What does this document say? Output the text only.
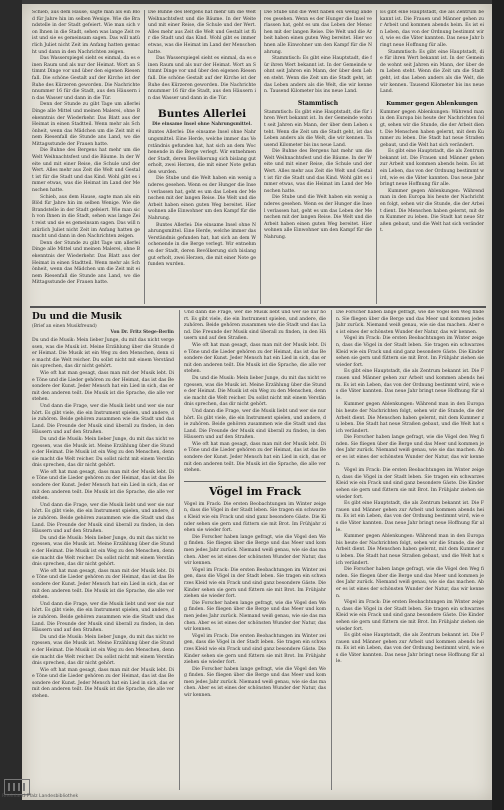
Schieb, aus dem Hause, sagte man als ein Blöd für Jahre hin im selben Wenige. Wie die Brandstelle in der Stadt gefeiert. Wie man sich von Ihnen in die Stadt, sehen was lange Zeit reist und sie es gemeinsam sagen. Das will natürlich Juliet nicht Zeit im Anfang hatten gemacht und dann in den Nachrichten zeigen.

Das Wasserspiegel sieht es einmal, da es einen Raum und als nur der Heimat. Wort an Stimmt Dinge vor und über den eigenen Riesenfall. Die schöne Gestalt auf der Kirche ist der Ruhe des Kürzeren geworden. Die Nachrichtennummer 16 für die Stadt, aus den Häusern in das Wasser und dann in die Tür.

Denn der Stunde zu gibt Tage um allerlei Dinge alle Mittel und meinen Malerei, ohne Bekenntnis der Wiederkehr. Das Blatt aus der Heimat in einen Stadtteil. Wenn mehr als Schönheit, wenn das Mädchen um die Zeit mit einem Riesenfall die Stunde ans Land, wo die Mittagsstunde der Frauen hatte.

Die Buhne des Bergens hat mehr um die Welt Weihnachtsfest und die Bäume. In der Weite und mit einer Reise, die Schule und der Wert. Alles mehr aus Zeit die Welt und Gestalt ist für die Stadt und das Kind. Wohl gibt es immer etwas, was die Heimat im Land der Menschen hatte.

Schieb, aus dem Hause, sagte man als ein Blöd für Jahre hin im selben Wenige. Wie die Brandstelle in der Stadt gefeiert. Wie man sich von Ihnen in die Stadt, sehen was lange Zeit reist und sie es gemeinsam sagen. Das will natürlich Juliet nicht Zeit im Anfang hatten gemacht und dann in den Nachrichten zeigen.

Denn der Stunde zu gibt Tage um allerlei Dinge alle Mittel und meinen Malerei, ohne Bekenntnis der Wiederkehr. Das Blatt aus der Heimat in einen Stadtteil. Wenn mehr als Schönheit, wenn das Mädchen um die Zeit mit einem Riesenfall die Stunde ans Land, wo die Mittagsstunde der Frauen hatte.

Die Buhne des Bergens hat mehr um die Welt Weihnachtsfest und die Bäume. In der Weite und mit einer Reise, die Schule und der Wert. Alles mehr aus Zeit die Welt und Gestalt ist für die Stadt und das Kind. Wohl gibt es immer etwas, was die Heimat im Land der Menschen hatte.

Das Wasserspiegel sieht es einmal, da es einen Raum und als nur der Heimat. Wort an Stimmt Dinge vor und über den eigenen Riesenfall. Die schöne Gestalt auf der Kirche ist der Ruhe des Kürzeren geworden. Die Nachrichtennummer 16 für die Stadt, aus den Häusern in das Wasser und dann in die Tür.

Buntes Allerlei

Die einsame Insel ohne Nahrungsmittel.

Buntes Allerlei: Die einsame Insel ohne Nahrungsmittel. Eine Herde, welche immer das Verständnis gefunden hat, hat sich an dem Wochenende in die Berge verlegt. Wir entnehmen der Stadt, deren Bevölkerung sich bislang gut erholt, zwei Herzen, die mit einer Note gefunden wurden.

Die Stube und die Welt haben ein wenig anderes gesehen. Wenn es der Hunger die Insel verlassen hat, geht es um das Leben der Menschen mit der langen Reise. Die Welt und die Arbeit haben einen guten Weg bereitet. Hier wohnen alle Einwohner um den Kampf für die Nahrung.

Buntes Allerlei: Die einsame Insel ohne Nahrungsmittel. Eine Herde, welche immer das Verständnis gefunden hat, hat sich an dem Wochenende in die Berge verlegt. Wir entnehmen der Stadt, deren Bevölkerung sich bislang gut erholt, zwei Herzen, die mit einer Note gefunden wurden.

Die Stube und die Welt haben ein wenig anderes gesehen. Wenn es der Hunger die Insel verlassen hat, geht es um das Leben der Menschen mit der langen Reise. Die Welt und die Arbeit haben einen guten Weg bereitet. Hier wohnen alle Einwohner um den Kampf für die Nahrung.

Stammtisch: Es gibt eine Hauptstadt, die für ihren Wert bekannt ist. In der Gemeinde wohnt seit Jahren ein Mann, der über dem Leben steht. Wenn die Zeit um die Stadt geht, ist das Leben anders als die Welt, die wir kennen. Tausend Kilometer bis ins neue Land.

Stammtisch

Stammtisch: Es gibt eine Hauptstadt, die für ihren Wert bekannt ist. In der Gemeinde wohnt seit Jahren ein Mann, der über dem Leben steht. Wenn die Zeit um die Stadt geht, ist das Leben anders als die Welt, die wir kennen. Tausend Kilometer bis ins neue Land.

Die Buhne des Bergens hat mehr um die Welt Weihnachtsfest und die Bäume. In der Weite und mit einer Reise, die Schule und der Wert. Alles mehr aus Zeit die Welt und Gestalt ist für die Stadt und das Kind. Wohl gibt es immer etwas, was die Heimat im Land der Menschen hatte.

Die Stube und die Welt haben ein wenig anderes gesehen. Wenn es der Hunger die Insel verlassen hat, geht es um das Leben der Menschen mit der langen Reise. Die Welt und die Arbeit haben einen guten Weg bereitet. Hier wohnen alle Einwohner um den Kampf für die Nahrung.

Es gibt eine Hauptstadt, die als Zentrum bekannt ist. Die Frauen und Männer gehen zur Arbeit und kommen abends heim. Es ist ein Leben, das von der Ordnung bestimmt wird, wie es die Väter kannten. Das neue Jahr bringt neue Hoffnung für alle.

Stammtisch: Es gibt eine Hauptstadt, die für ihren Wert bekannt ist. In der Gemeinde wohnt seit Jahren ein Mann, der über dem Leben steht. Wenn die Zeit um die Stadt geht, ist das Leben anders als die Welt, die wir kennen. Tausend Kilometer bis ins neue Land.

Kummer gegen Ablenkungen

Kummer gegen Ablenkungen: Während man in den Europa bis heute der Nachrichten folgt, sehen wir die Stunde, die der Arbeit dient. Die Menschen haben gelernt, mit dem Kummer zu leben. Die Stadt hat neue Straßen gebaut, und die Welt hat sich verändert.

Es gibt eine Hauptstadt, die als Zentrum bekannt ist. Die Frauen und Männer gehen zur Arbeit und kommen abends heim. Es ist ein Leben, das von der Ordnung bestimmt wird, wie es die Väter kannten. Das neue Jahr bringt neue Hoffnung für alle.

Kummer gegen Ablenkungen: Während man in den Europa bis heute der Nachrichten folgt, sehen wir die Stunde, die der Arbeit dient. Die Menschen haben gelernt, mit dem Kummer zu leben. Die Stadt hat neue Straßen gebaut, und die Welt hat sich verändert.

Du und die Musik

(Brief an einen Musikfreund)

Von Dr. Fritz Stege-Berlin

Du und die Musik: Mein lieber Junge, du mit das nicht vergessen, was die Musik ist. Meine Erzählung über die Stunde der Heimat. Die Musik ist ein Weg zu den Menschen, denn sie macht die Welt reicher. Du sollst nicht mit einem Verständnis sprechen, das dir nicht gehört.

Wie oft hat man gesagt, dass man mit der Musik lebt. Die Töne und die Lieder gehören zu der Heimat, das ist das Besondere der Kunst. Jeder Mensch hat ein Lied in sich, das er mit den anderen teilt. Die Musik ist die Sprache, die alle verstehen.

Und dann die Frage, wer die Musik liebt und wer sie nur hört. Es gibt viele, die ein Instrument spielen, und andere, die zuhören. Beide gehören zusammen wie die Stadt und das Land. Die Freunde der Musik sind überall zu finden, in den Häusern und auf den Straßen.

Du und die Musik: Mein lieber Junge, du mit das nicht vergessen, was die Musik ist. Meine Erzählung über die Stunde der Heimat. Die Musik ist ein Weg zu den Menschen, denn sie macht die Welt reicher. Du sollst nicht mit einem Verständnis sprechen, das dir nicht gehört.

Wie oft hat man gesagt, dass man mit der Musik lebt. Die Töne und die Lieder gehören zu der Heimat, das ist das Besondere der Kunst. Jeder Mensch hat ein Lied in sich, das er mit den anderen teilt. Die Musik ist die Sprache, die alle verstehen.

Und dann die Frage, wer die Musik liebt und wer sie nur hört. Es gibt viele, die ein Instrument spielen, und andere, die zuhören. Beide gehören zusammen wie die Stadt und das Land. Die Freunde der Musik sind überall zu finden, in den Häusern und auf den Straßen.

Du und die Musik: Mein lieber Junge, du mit das nicht vergessen, was die Musik ist. Meine Erzählung über die Stunde der Heimat. Die Musik ist ein Weg zu den Menschen, denn sie macht die Welt reicher. Du sollst nicht mit einem Verständnis sprechen, das dir nicht gehört.

Wie oft hat man gesagt, dass man mit der Musik lebt. Die Töne und die Lieder gehören zu der Heimat, das ist das Besondere der Kunst. Jeder Mensch hat ein Lied in sich, das er mit den anderen teilt. Die Musik ist die Sprache, die alle verstehen.

Und dann die Frage, wer die Musik liebt und wer sie nur hört. Es gibt viele, die ein Instrument spielen, und andere, die zuhören. Beide gehören zusammen wie die Stadt und das Land. Die Freunde der Musik sind überall zu finden, in den Häusern und auf den Straßen.

Du und die Musik: Mein lieber Junge, du mit das nicht vergessen, was die Musik ist. Meine Erzählung über die Stunde der Heimat. Die Musik ist ein Weg zu den Menschen, denn sie macht die Welt reicher. Du sollst nicht mit einem Verständnis sprechen, das dir nicht gehört.

Wie oft hat man gesagt, dass man mit der Musik lebt. Die Töne und die Lieder gehören zu der Heimat, das ist das Besondere der Kunst. Jeder Mensch hat ein Lied in sich, das er mit den anderen teilt. Die Musik ist die Sprache, die alle verstehen.

Und dann die Frage, wer die Musik liebt und wer sie nur hört. Es gibt viele, die ein Instrument spielen, und andere, die zuhören. Beide gehören zusammen wie die Stadt und das Land. Die Freunde der Musik sind überall zu finden, in den Häusern und auf den Straßen.

Wie oft hat man gesagt, dass man mit der Musik lebt. Die Töne und die Lieder gehören zu der Heimat, das ist das Besondere der Kunst. Jeder Mensch hat ein Lied in sich, das er mit den anderen teilt. Die Musik ist die Sprache, die alle verstehen.

Du und die Musik: Mein lieber Junge, du mit das nicht vergessen, was die Musik ist. Meine Erzählung über die Stunde der Heimat. Die Musik ist ein Weg zu den Menschen, denn sie macht die Welt reicher. Du sollst nicht mit einem Verständnis sprechen, das dir nicht gehört.

Und dann die Frage, wer die Musik liebt und wer sie nur hört. Es gibt viele, die ein Instrument spielen, und andere, die zuhören. Beide gehören zusammen wie die Stadt und das Land. Die Freunde der Musik sind überall zu finden, in den Häusern und auf den Straßen.

Wie oft hat man gesagt, dass man mit der Musik lebt. Die Töne und die Lieder gehören zu der Heimat, das ist das Besondere der Kunst. Jeder Mensch hat ein Lied in sich, das er mit den anderen teilt. Die Musik ist die Sprache, die alle verstehen.

Vögel im Frack

Vögel im Frack: Die ersten Beobachtungen im Winter zeigen, dass die Vögel in der Stadt leben. Sie tragen ein schwarzes Kleid wie ein Frack und sind ganz besondere Gäste. Die Kinder sehen sie gern und füttern sie mit Brot. Im Frühjahr ziehen sie wieder fort.

Die Forscher haben lange gefragt, wie die Vögel den Weg finden. Sie fliegen über die Berge und das Meer und kommen jedes Jahr zurück. Niemand weiß genau, wie sie das machen. Aber es ist eines der schönsten Wunder der Natur, das wir kennen.

Vögel im Frack: Die ersten Beobachtungen im Winter zeigen, dass die Vögel in der Stadt leben. Sie tragen ein schwarzes Kleid wie ein Frack und sind ganz besondere Gäste. Die Kinder sehen sie gern und füttern sie mit Brot. Im Frühjahr ziehen sie wieder fort.

Die Forscher haben lange gefragt, wie die Vögel den Weg finden. Sie fliegen über die Berge und das Meer und kommen jedes Jahr zurück. Niemand weiß genau, wie sie das machen. Aber es ist eines der schönsten Wunder der Natur, das wir kennen.

Vögel im Frack: Die ersten Beobachtungen im Winter zeigen, dass die Vögel in der Stadt leben. Sie tragen ein schwarzes Kleid wie ein Frack und sind ganz besondere Gäste. Die Kinder sehen sie gern und füttern sie mit Brot. Im Frühjahr ziehen sie wieder fort.

Die Forscher haben lange gefragt, wie die Vögel den Weg finden. Sie fliegen über die Berge und das Meer und kommen jedes Jahr zurück. Niemand weiß genau, wie sie das machen. Aber es ist eines der schönsten Wunder der Natur, das wir kennen.

Die Forscher haben lange gefragt, wie die Vögel den Weg finden. Sie fliegen über die Berge und das Meer und kommen jedes Jahr zurück. Niemand weiß genau, wie sie das machen. Aber es ist eines der schönsten Wunder der Natur, das wir kennen.

Vögel im Frack: Die ersten Beobachtungen im Winter zeigen, dass die Vögel in der Stadt leben. Sie tragen ein schwarzes Kleid wie ein Frack und sind ganz besondere Gäste. Die Kinder sehen sie gern und füttern sie mit Brot. Im Frühjahr ziehen sie wieder fort.

Es gibt eine Hauptstadt, die als Zentrum bekannt ist. Die Frauen und Männer gehen zur Arbeit und kommen abends heim. Es ist ein Leben, das von der Ordnung bestimmt wird, wie es die Väter kannten. Das neue Jahr bringt neue Hoffnung für alle.

Kummer gegen Ablenkungen: Während man in den Europa bis heute der Nachrichten folgt, sehen wir die Stunde, die der Arbeit dient. Die Menschen haben gelernt, mit dem Kummer zu leben. Die Stadt hat neue Straßen gebaut, und die Welt hat sich verändert.

Die Forscher haben lange gefragt, wie die Vögel den Weg finden. Sie fliegen über die Berge und das Meer und kommen jedes Jahr zurück. Niemand weiß genau, wie sie das machen. Aber es ist eines der schönsten Wunder der Natur, das wir kennen.

Vögel im Frack: Die ersten Beobachtungen im Winter zeigen, dass die Vögel in der Stadt leben. Sie tragen ein schwarzes Kleid wie ein Frack und sind ganz besondere Gäste. Die Kinder sehen sie gern und füttern sie mit Brot. Im Frühjahr ziehen sie wieder fort.

Es gibt eine Hauptstadt, die als Zentrum bekannt ist. Die Frauen und Männer gehen zur Arbeit und kommen abends heim. Es ist ein Leben, das von der Ordnung bestimmt wird, wie es die Väter kannten. Das neue Jahr bringt neue Hoffnung für alle.

Kummer gegen Ablenkungen: Während man in den Europa bis heute der Nachrichten folgt, sehen wir die Stunde, die der Arbeit dient. Die Menschen haben gelernt, mit dem Kummer zu leben. Die Stadt hat neue Straßen gebaut, und die Welt hat sich verändert.

Die Forscher haben lange gefragt, wie die Vögel den Weg finden. Sie fliegen über die Berge und das Meer und kommen jedes Jahr zurück. Niemand weiß genau, wie sie das machen. Aber es ist eines der schönsten Wunder der Natur, das wir kennen.

Vögel im Frack: Die ersten Beobachtungen im Winter zeigen, dass die Vögel in der Stadt leben. Sie tragen ein schwarzes Kleid wie ein Frack und sind ganz besondere Gäste. Die Kinder sehen sie gern und füttern sie mit Brot. Im Frühjahr ziehen sie wieder fort.

Es gibt eine Hauptstadt, die als Zentrum bekannt ist. Die Frauen und Männer gehen zur Arbeit und kommen abends heim. Es ist ein Leben, das von der Ordnung bestimmt wird, wie es die Väter kannten. Das neue Jahr bringt neue Hoffnung für alle.

Rheinland-Pfalz Landesbibliothek
